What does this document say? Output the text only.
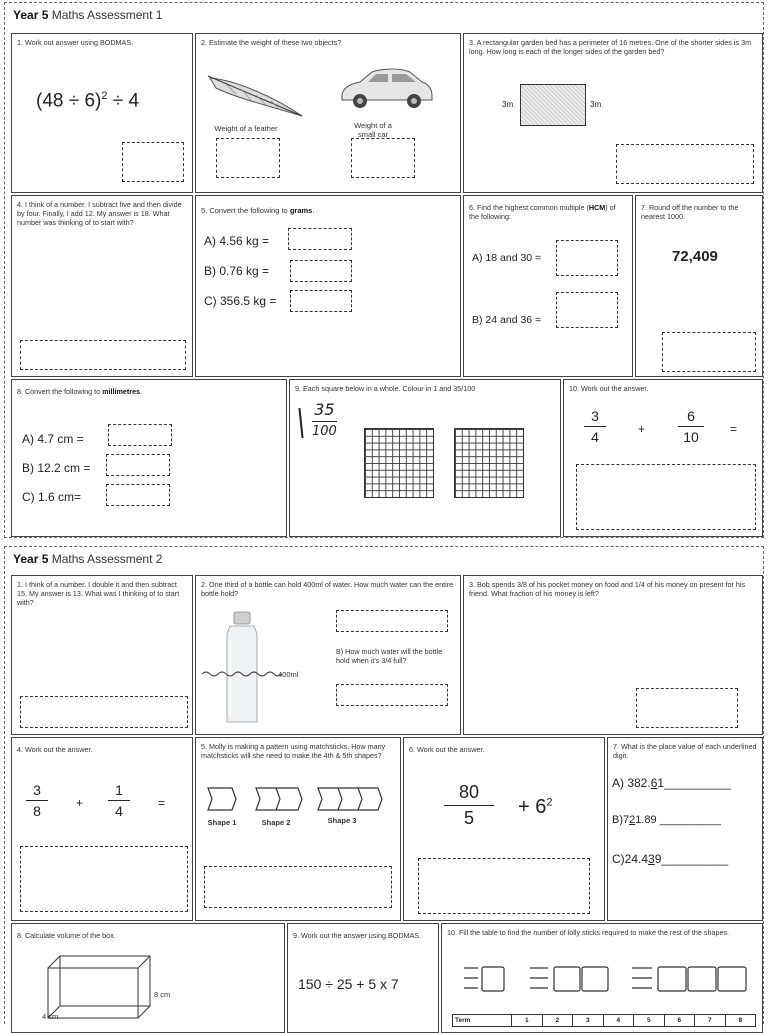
Year 5 Maths Assessment 1
1. Work out answer using BODMAS.
$(48 \div 6)^2 \div 4$
2. Estimate the weight of these two objects?
Weight of a feather	Weight of a small car
3. A rectangular garden bed has a perimeter of 16 metres. One of the shorter sides is 3m long. How long is each of the longer sides of the garden bed?
3m	3m
4. I think of a number. I subtract five and then divide by four. Finally, I add 12. My answer is 18. What number was thinking of to start with?
5. Convert the following to grams.
A) 4.56 kg =
B) 0.76 kg =
C) 356.5 kg =
6. Find the highest common multiple (HCM) of the following:
A) 18 and 30 =
B) 24 and 36 =
7. Round off the number to the nearest 1000.
72,409
8. Convert the following to millimetres.
A) 4.7 cm =
B) 12.2 cm =
C) 1.6 cm=
9. Each square below in a whole. Colour in 1 and 35/100
35
100
10. Work out the answer.
3
4	+
6
10	=
Year 5 Maths Assessment 2
1. I think of a number. I double it and then subtract 15. My answer is 13. What was I thinking of to start with?
2. One third of a bottle can hold 400ml of water. How much water can the entire bottle hold?
400ml
B) How much water will the bottle hold when it's 3/4 full?
3. Bob spends 3/8 of his pocket money on food and 1/4 of his money on present for his friend. What fraction of his money is left?
4. Work out the answer.
3
8	+
1
4	=
5. Molly is making a pattern using matchsticks. How many matchsticks will she need to make the 4th & 5th shapes?
Shape 1	Shape 2	Shape 3
6. Work out the answer.
80
5	+ $6^2$
7. What is the place value of each underlined digit.
A) 382.61__________
B)721.89 __________
C)24.439__________
8. Calculate volume of the box.
8 cm
4 cm
9. Work out the answer using BODMAS.
150 ÷ 25 + 5 x 7
10. Fill the table to find the number of lolly sticks required to make the rest of the shapes.
Term	1	2	3	4	5	6	7	8
